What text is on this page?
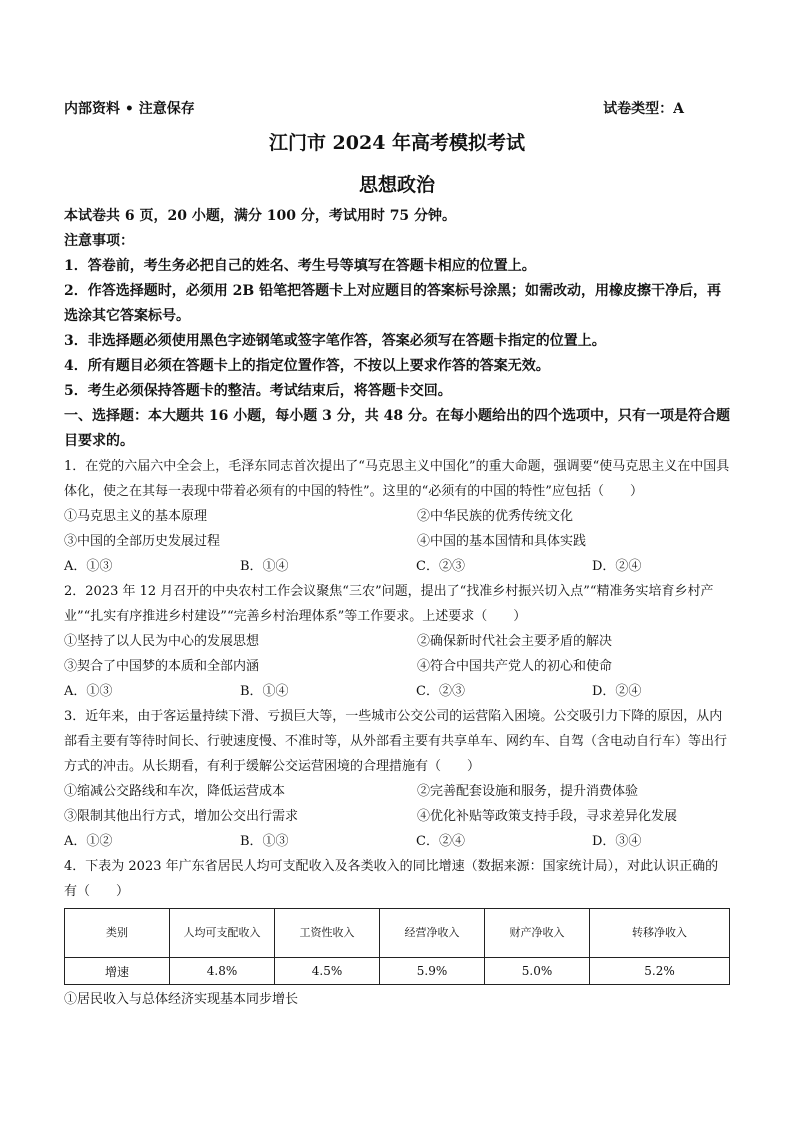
内部资料 • 注意保存	试卷类型：A
江门市 2024 年高考模拟考试
思想政治

本试卷共 6 页，20 小题，满分 100 分，考试用时 75 分钟。

注意事项：

1．答卷前，考生务必把自己的姓名、考生号等填写在答题卡相应的位置上。

2．作答选择题时，必须用 2B 铅笔把答题卡上对应题目的答案标号涂黑；如需改动，用橡皮擦干净后，再选涂其它答案标号。

3．非选择题必须使用黑色字迹钢笔或签字笔作答，答案必须写在答题卡指定的位置上。

4．所有题目必须在答题卡上的指定位置作答，不按以上要求作答的答案无效。

5．考生必须保持答题卡的整洁。考试结束后，将答题卡交回。

一、选择题：本大题共 16 小题，每小题 3 分，共 48 分。在每小题给出的四个选项中，只有一项是符合题目要求的。

1．在党的六届六中全会上，毛泽东同志首次提出了“马克思主义中国化”的重大命题，强调要“使马克思主义在中国具体化，使之在其每一表现中带着必须有的中国的特性”。这里的“必须有的中国的特性”应包括（　　）

①马克思主义的基本原理	②中华民族的优秀传统文化
③中国的全部历史发展过程	④中国的基本国情和具体实践
A．①③	B．①④	C．②③	D．②④

2．2023 年 12 月召开的中央农村工作会议聚焦“三农”问题，提出了“找准乡村振兴切入点”“精准务实培育乡村产业”“扎实有序推进乡村建设”“完善乡村治理体系”等工作要求。上述要求（　　）

①坚持了以人民为中心的发展思想	②确保新时代社会主要矛盾的解决
③契合了中国梦的本质和全部内涵	④符合中国共产党人的初心和使命
A．①③	B．①④	C．②③	D．②④

3．近年来，由于客运量持续下滑、亏损巨大等，一些城市公交公司的运营陷入困境。公交吸引力下降的原因，从内部看主要有等待时间长、行驶速度慢、不准时等，从外部看主要有共享单车、网约车、自驾（含电动自行车）等出行方式的冲击。从长期看，有利于缓解公交运营困境的合理措施有（　　）

①缩减公交路线和车次，降低运营成本	②完善配套设施和服务，提升消费体验
③限制其他出行方式，增加公交出行需求	④优化补贴等政策支持手段，寻求差异化发展
A．①②	B．①③	C．②④	D．③④

4．下表为 2023 年广东省居民人均可支配收入及各类收入的同比增速（数据来源：国家统计局），对此认识正确的有（　　）

类别	人均可支配收入	工资性收入	经营净收入	财产净收入	转移净收入
增速	4.8%	4.5%	5.9%	5.0%	5.2%

①居民收入与总体经济实现基本同步增长
